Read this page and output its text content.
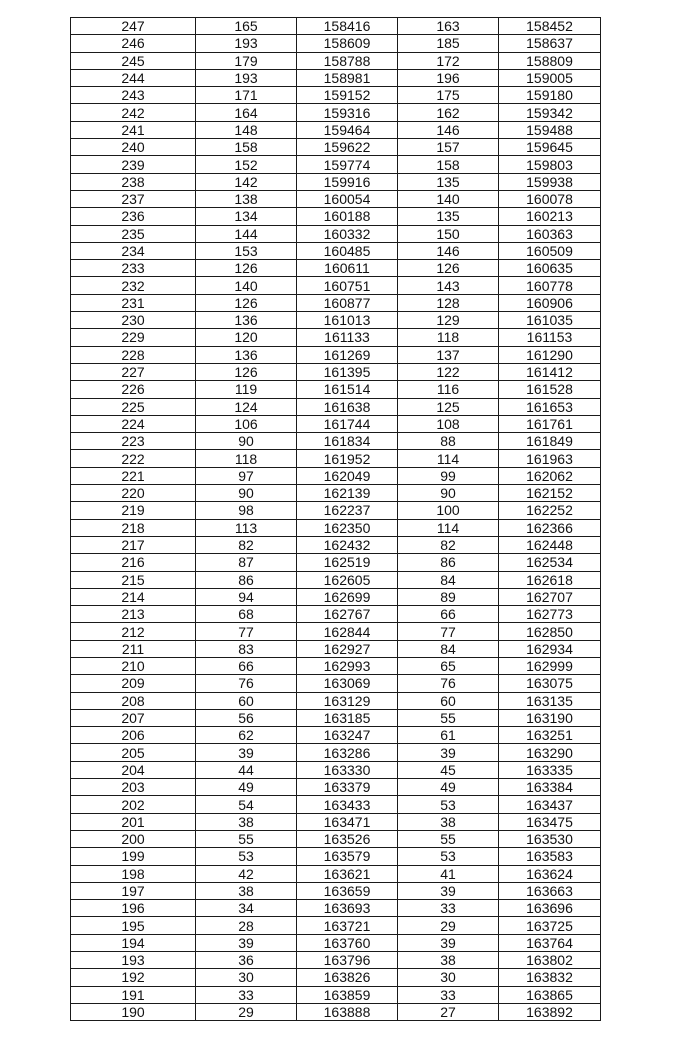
247	165	158416	163	158452
246	193	158609	185	158637
245	179	158788	172	158809
244	193	158981	196	159005
243	171	159152	175	159180
242	164	159316	162	159342
241	148	159464	146	159488
240	158	159622	157	159645
239	152	159774	158	159803
238	142	159916	135	159938
237	138	160054	140	160078
236	134	160188	135	160213
235	144	160332	150	160363
234	153	160485	146	160509
233	126	160611	126	160635
232	140	160751	143	160778
231	126	160877	128	160906
230	136	161013	129	161035
229	120	161133	118	161153
228	136	161269	137	161290
227	126	161395	122	161412
226	119	161514	116	161528
225	124	161638	125	161653
224	106	161744	108	161761
223	90	161834	88	161849
222	118	161952	114	161963
221	97	162049	99	162062
220	90	162139	90	162152
219	98	162237	100	162252
218	113	162350	114	162366
217	82	162432	82	162448
216	87	162519	86	162534
215	86	162605	84	162618
214	94	162699	89	162707
213	68	162767	66	162773
212	77	162844	77	162850
211	83	162927	84	162934
210	66	162993	65	162999
209	76	163069	76	163075
208	60	163129	60	163135
207	56	163185	55	163190
206	62	163247	61	163251
205	39	163286	39	163290
204	44	163330	45	163335
203	49	163379	49	163384
202	54	163433	53	163437
201	38	163471	38	163475
200	55	163526	55	163530
199	53	163579	53	163583
198	42	163621	41	163624
197	38	163659	39	163663
196	34	163693	33	163696
195	28	163721	29	163725
194	39	163760	39	163764
193	36	163796	38	163802
192	30	163826	30	163832
191	33	163859	33	163865
190	29	163888	27	163892
